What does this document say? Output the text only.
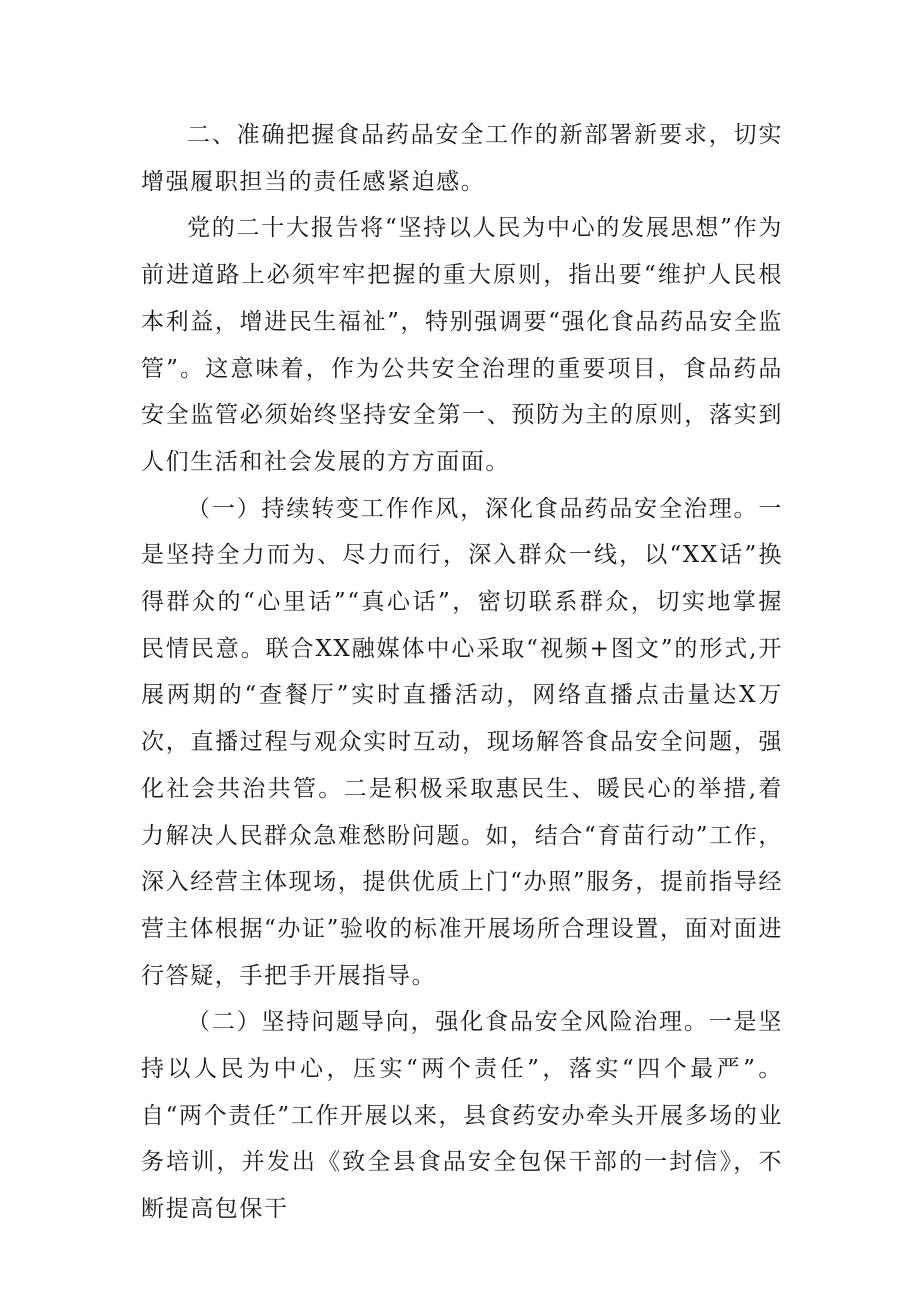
二、准确把握食品药品安全工作的新部署新要求，切实增强履职担当的责任感紧迫感。

党的二十大报告将“坚持以人民为中心的发展思想”作为前进道路上必须牢牢把握的重大原则，指出要“维护人民根本利益，增进民生福祉”，特别强调要“强化食品药品安全监管”。这意味着，作为公共安全治理的重要项目，食品药品安全监管必须始终坚持安全第一、预防为主的原则，落实到人们生活和社会发展的方方面面。

（一）持续转变工作作风，深化食品药品安全治理。一是坚持全力而为、尽力而行，深入群众一线，以“XX话”换得群众的“心里话”“真心话”，密切联系群众，切实地掌握民情民意。联合XX融媒体中心采取“视频+图文”的形式,开展两期的“查餐厅”实时直播活动，网络直播点击量达X万次，直播过程与观众实时互动，现场解答食品安全问题，强化社会共治共管。二是积极采取惠民生、暖民心的举措,着力解决人民群众急难愁盼问题。如，结合“育苗行动”工作，深入经营主体现场，提供优质上门“办照”服务，提前指导经营主体根据“办证”验收的标准开展场所合理设置，面对面进行答疑，手把手开展指导。

（二）坚持问题导向，强化食品安全风险治理。一是坚持以人民为中心，压实“两个责任”，落实“四个最严”。自“两个责任”工作开展以来，县食药安办牵头开展多场的业务培训，并发出《致全县食品安全包保干部的一封信》，不断提高包保干
